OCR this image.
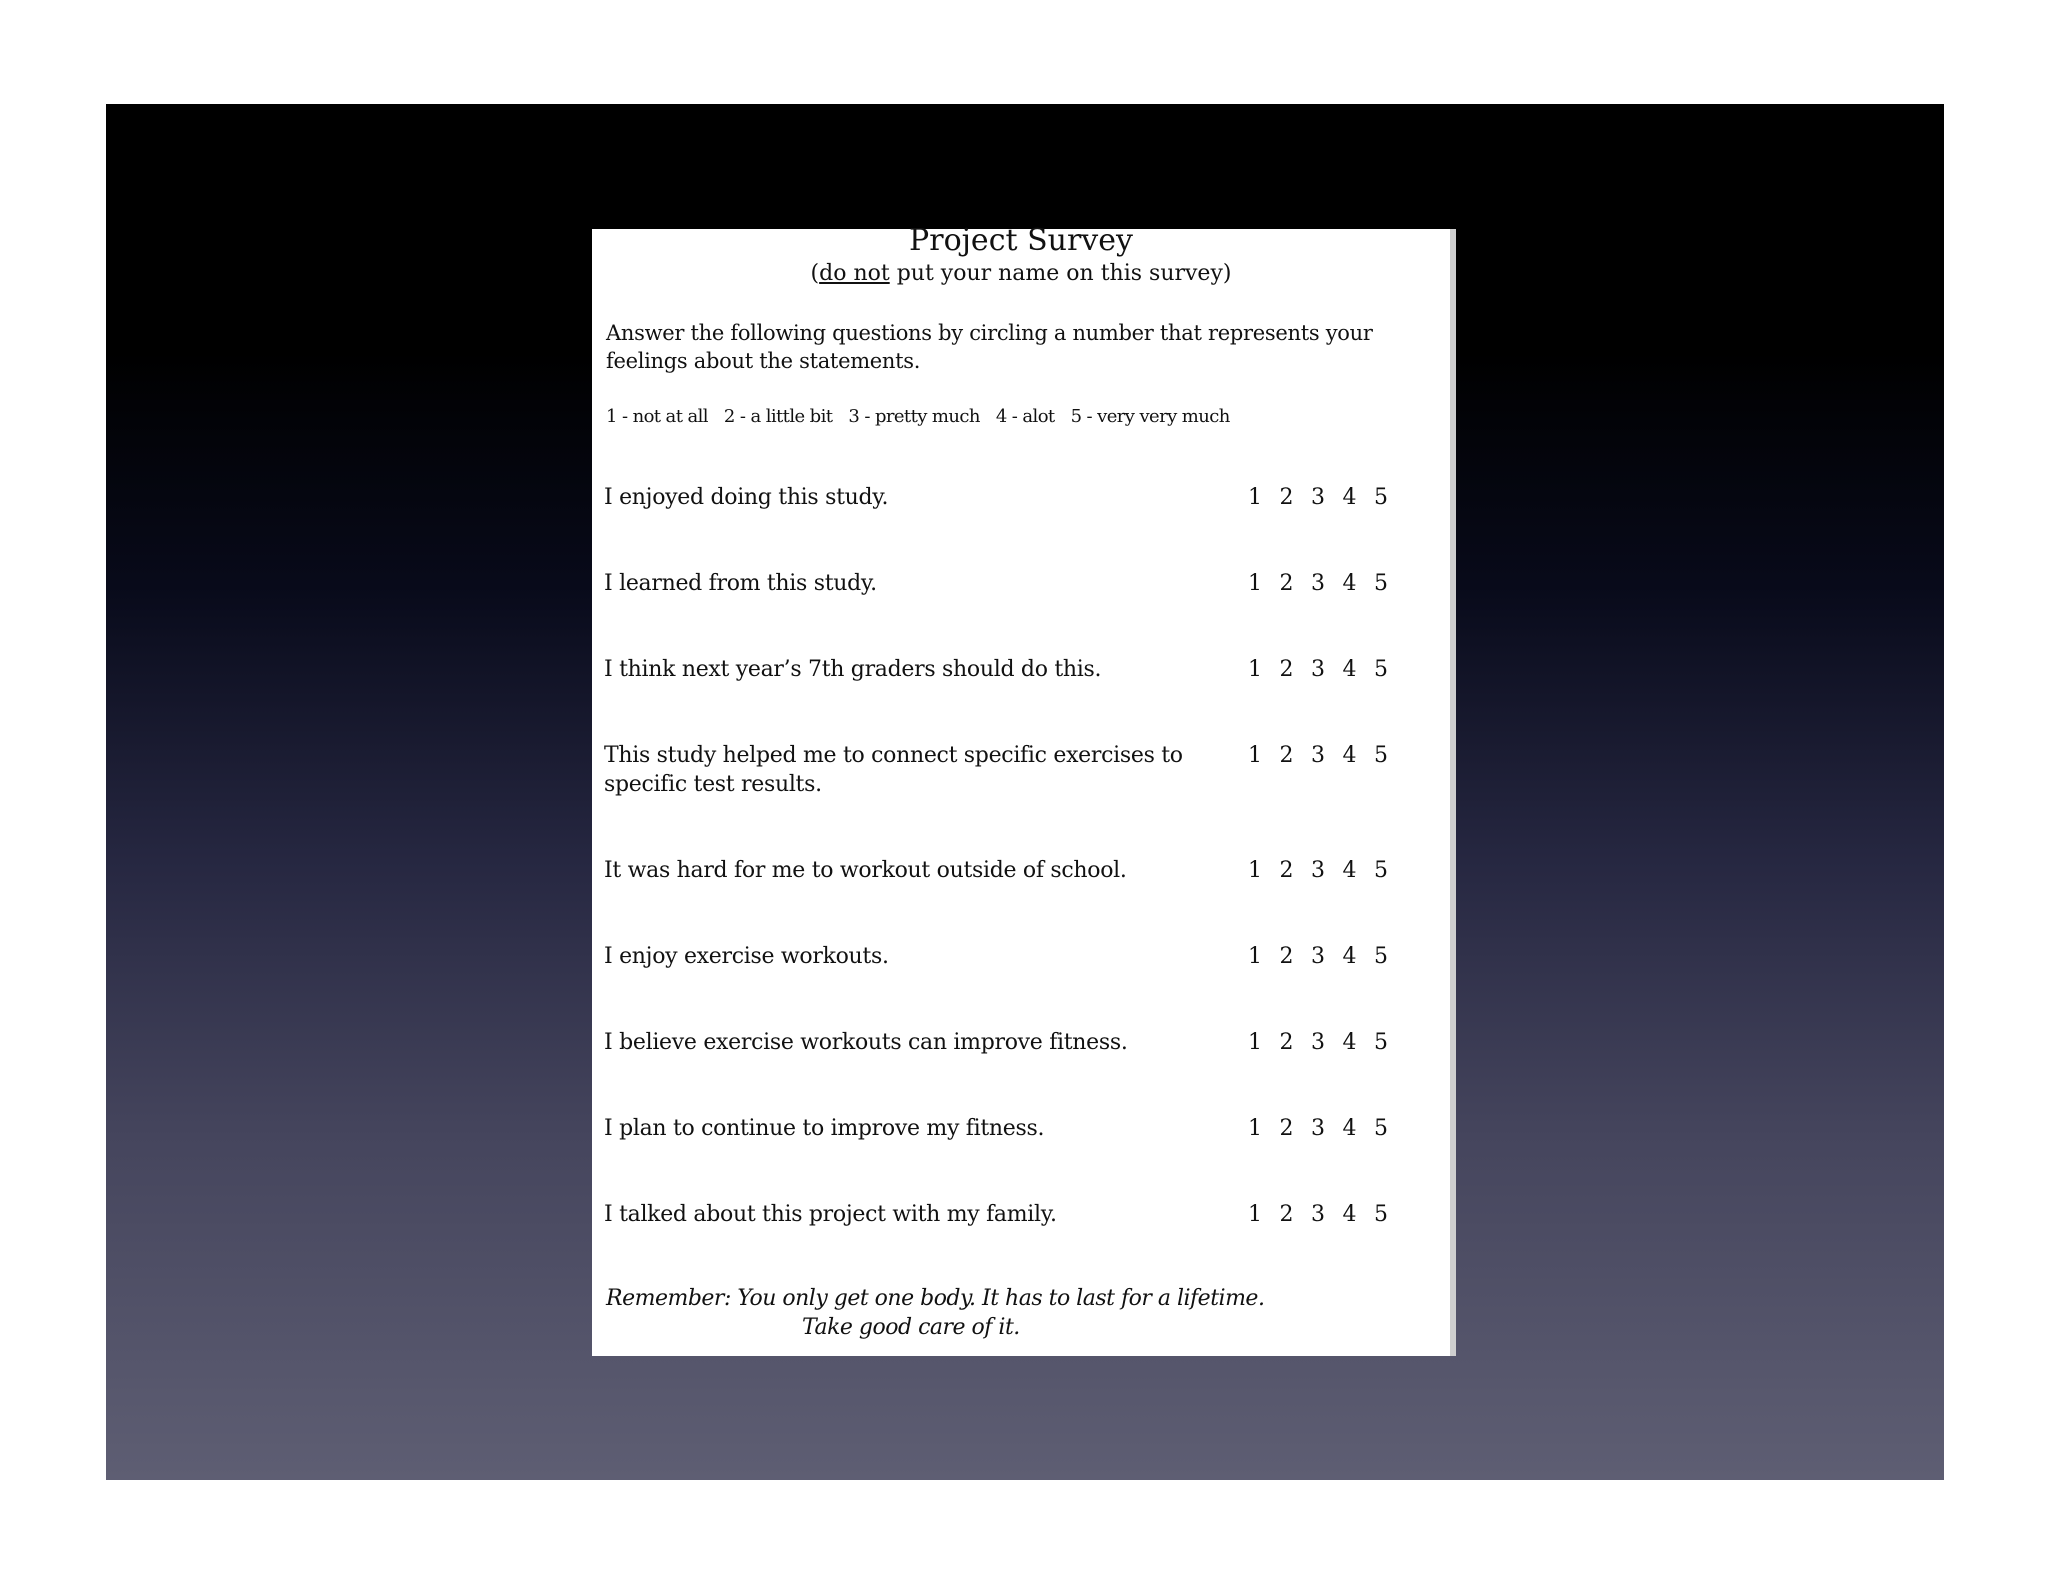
Project Survey
(do not put your name on this survey)
Answer the following questions by circling a number that represents your feelings about the statements.
1 - not at all 2 - a little bit 3 - pretty much 4 - alot 5 - very very much
I enjoyed doing this study.	1 2 3 4 5
I learned from this study.	1 2 3 4 5
I think next year’s 7th graders should do this.	1 2 3 4 5
This study helped me to connect specific exercises to specific test results.
1 2 3 4 5
It was hard for me to workout outside of school.	1 2 3 4 5
I enjoy exercise workouts.	1 2 3 4 5
I believe exercise workouts can improve fitness.	1 2 3 4 5
I plan to continue to improve my fitness.	1 2 3 4 5
I talked about this project with my family.	1 2 3 4 5
Remember: You only get one body. It has to last for a lifetime.
Take good care of it.
